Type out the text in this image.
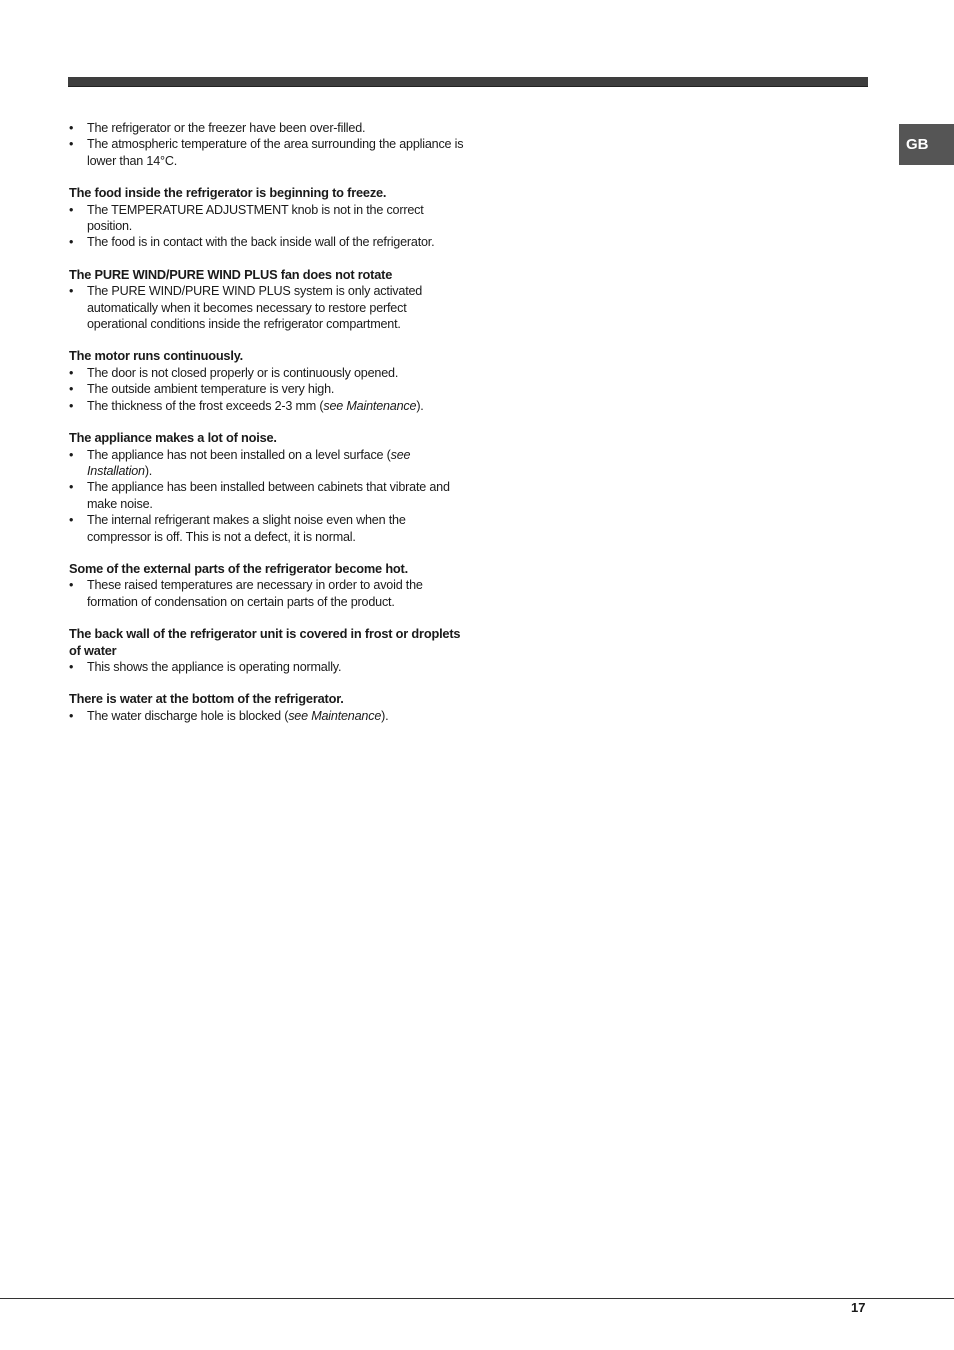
GB
• The refrigerator or the freezer have been over-filled.
• The atmospheric temperature of the area surrounding the appliance is lower than 14°C.

The food inside the refrigerator is beginning to freeze.

• The TEMPERATURE ADJUSTMENT knob is not in the correct position.
• The food is in contact with the back inside wall of the refrigerator.

The PURE WIND/PURE WIND PLUS fan does not rotate

• The PURE WIND/PURE WIND PLUS system is only activated automatically when it becomes necessary to restore perfect operational conditions inside the refrigerator compartment.

The motor runs continuously.

• The door is not closed properly or is continuously opened.
• The outside ambient temperature is very high.
• The thickness of the frost exceeds 2-3 mm (see Maintenance).

The appliance makes a lot of noise.

• The appliance has not been installed on a level surface (see Installation).
• The appliance has been installed between cabinets that vibrate and make noise.
• The internal refrigerant makes a slight noise even when the compressor is off. This is not a defect, it is normal.

Some of the external parts of the refrigerator become hot.

• These raised temperatures are necessary in order to avoid the formation of condensation on certain parts of the product.

The back wall of the refrigerator unit is covered in frost or droplets of water

• This shows the appliance is operating normally.

There is water at the bottom of the refrigerator.

• The water discharge hole is blocked (see Maintenance).
17
